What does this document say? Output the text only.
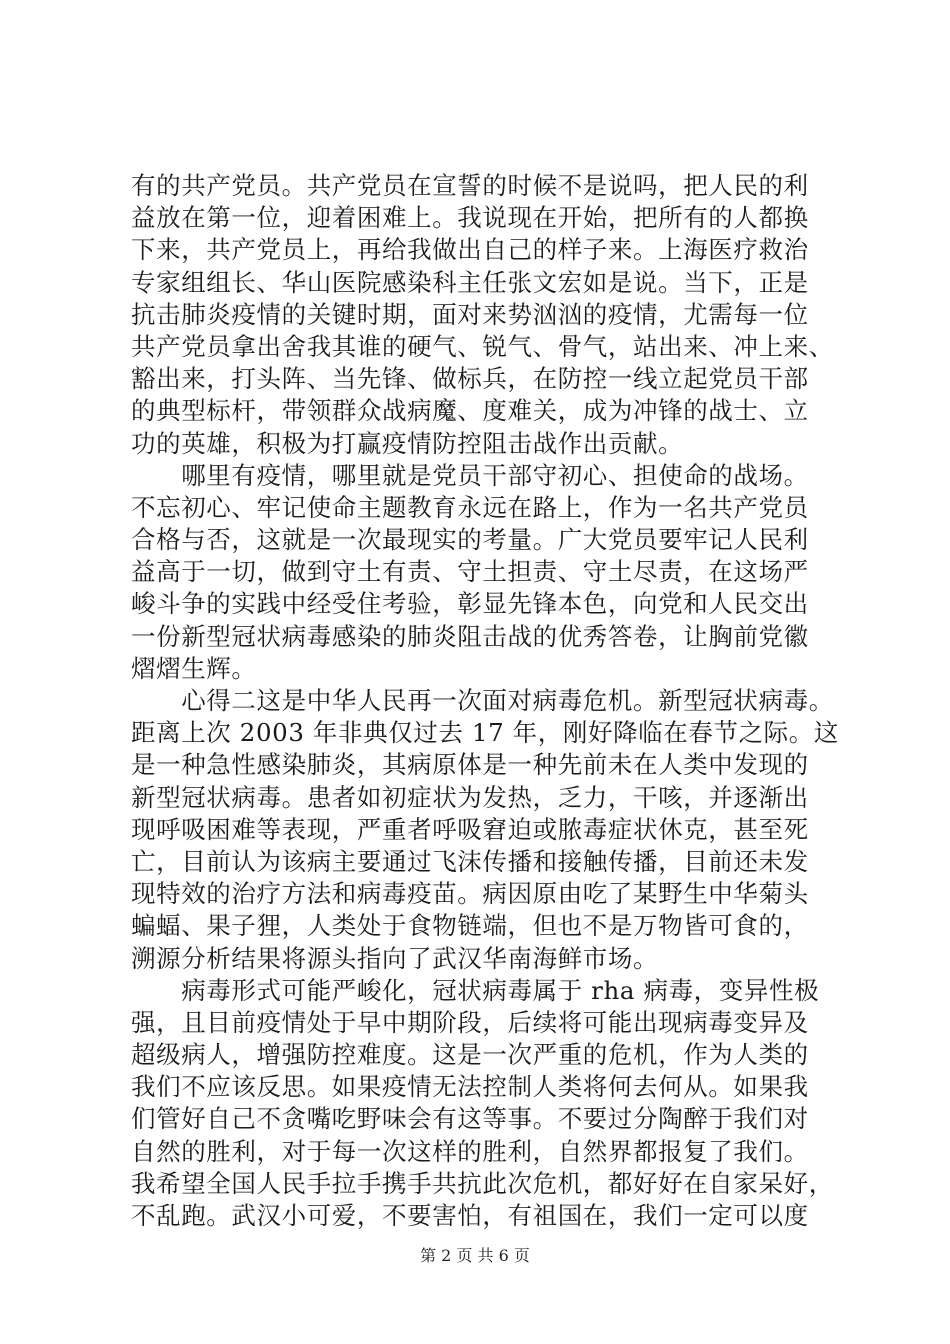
有的共产党员。共产党员在宣誓的时候不是说吗，把人民的利
益放在第一位，迎着困难上。我说现在开始，把所有的人都换
下来，共产党员上，再给我做出自己的样子来。上海医疗救治
专家组组长、华山医院感染科主任张文宏如是说。当下，正是
抗击肺炎疫情的关键时期，面对来势汹汹的疫情，尤需每一位
共产党员拿出舍我其谁的硬气、锐气、骨气，站出来、冲上来、
豁出来，打头阵、当先锋、做标兵，在防控一线立起党员干部
的典型标杆，带领群众战病魔、度难关，成为冲锋的战士、立
功的英雄，积极为打赢疫情防控阻击战作出贡献。
　　哪里有疫情，哪里就是党员干部守初心、担使命的战场。
不忘初心、牢记使命主题教育永远在路上，作为一名共产党员
合格与否，这就是一次最现实的考量。广大党员要牢记人民利
益高于一切，做到守土有责、守土担责、守土尽责，在这场严
峻斗争的实践中经受住考验，彰显先锋本色，向党和人民交出
一份新型冠状病毒感染的肺炎阻击战的优秀答卷，让胸前党徽
熠熠生辉。
　　心得二这是中华人民再一次面对病毒危机。新型冠状病毒。
距离上次 2003 年非典仅过去 17 年，刚好降临在春节之际。这
是一种急性感染肺炎，其病原体是一种先前未在人类中发现的
新型冠状病毒。患者如初症状为发热，乏力，干咳，并逐渐出
现呼吸困难等表现，严重者呼吸窘迫或脓毒症状休克，甚至死
亡，目前认为该病主要通过飞沫传播和接触传播，目前还未发
现特效的治疗方法和病毒疫苗。病因原由吃了某野生中华菊头
蝙蝠、果子狸，人类处于食物链端，但也不是万物皆可食的，
溯源分析结果将源头指向了武汉华南海鲜市场。
　　病毒形式可能严峻化，冠状病毒属于 rha 病毒，变异性极
强，且目前疫情处于早中期阶段，后续将可能出现病毒变异及
超级病人，增强防控难度。这是一次严重的危机，作为人类的
我们不应该反思。如果疫情无法控制人类将何去何从。如果我
们管好自己不贪嘴吃野味会有这等事。不要过分陶醉于我们对
自然的胜利，对于每一次这样的胜利，自然界都报复了我们。
我希望全国人民手拉手携手共抗此次危机，都好好在自家呆好，
不乱跑。武汉小可爱，不要害怕，有祖国在，我们一定可以度
第 2 页 共 6 页
